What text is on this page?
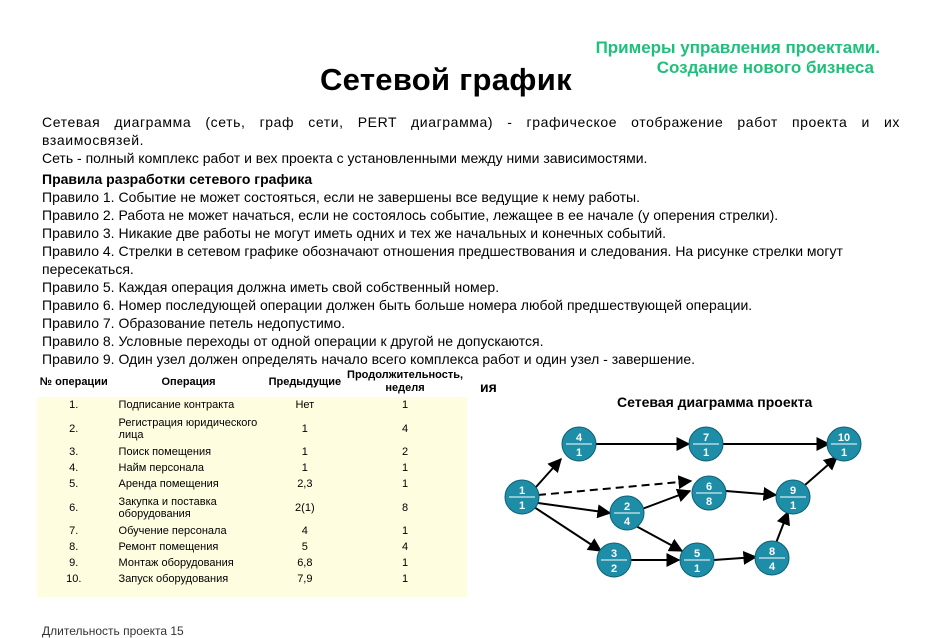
Примеры управления проектами.
Создание нового бизнеса
Сетевой график

Сетевая диаграмма (сеть, граф сети, PERT диаграмма) - графическое отображение работ проекта и их взаимосвязей.

Сеть - полный комплекс работ и вех проекта с установленными между ними зависимостями.

Правила разработки сетевого графика

Правило 1. Событие не может состояться, если не завершены все ведущие к нему работы.

Правило 2. Работа не может начаться, если не состоялось событие, лежащее в ее начале (у оперения стрелки).

Правило 3. Никакие две работы не могут иметь одних и тех же начальных и конечных событий.

Правило 4. Стрелки в сетевом графике обозначают отношения предшествования и следования. На рисунке стрелки могут пересекаться.

Правило 5. Каждая операция должна иметь свой собственный номер.

Правило 6. Номер последующей операции должен быть больше номера любой предшествующей операции.

Правило 7. Образование петель недопустимо.

Правило 8. Условные переходы от одной операции к другой не допускаются.

Правило 9. Один узел должен определять начало всего комплекса работ и один узел - завершение.

ия
№ операции	Операция	Предыдущие	Продолжительность, неделя
1.	Подписание контракта	Нет	1
2.	Регистрация юридического лица	1	4
3.	Поиск помещения	1	2
4.	Найм персонала	1	1
5.	Аренда помещения	2,3	1
6.	Закупка и поставка оборудования	2(1)	8
7.	Обучение персонала	4	1
8.	Ремонт помещения	5	4
9.	Монтаж оборудования	6,8	1
10.	Запуск оборудования	7,9	1
Длительность проекта 15
Сетевая диаграмма проекта
1
1	2
4
3
2
4
1
5
1
6
8
7
1
8
4
9
1
10
1
